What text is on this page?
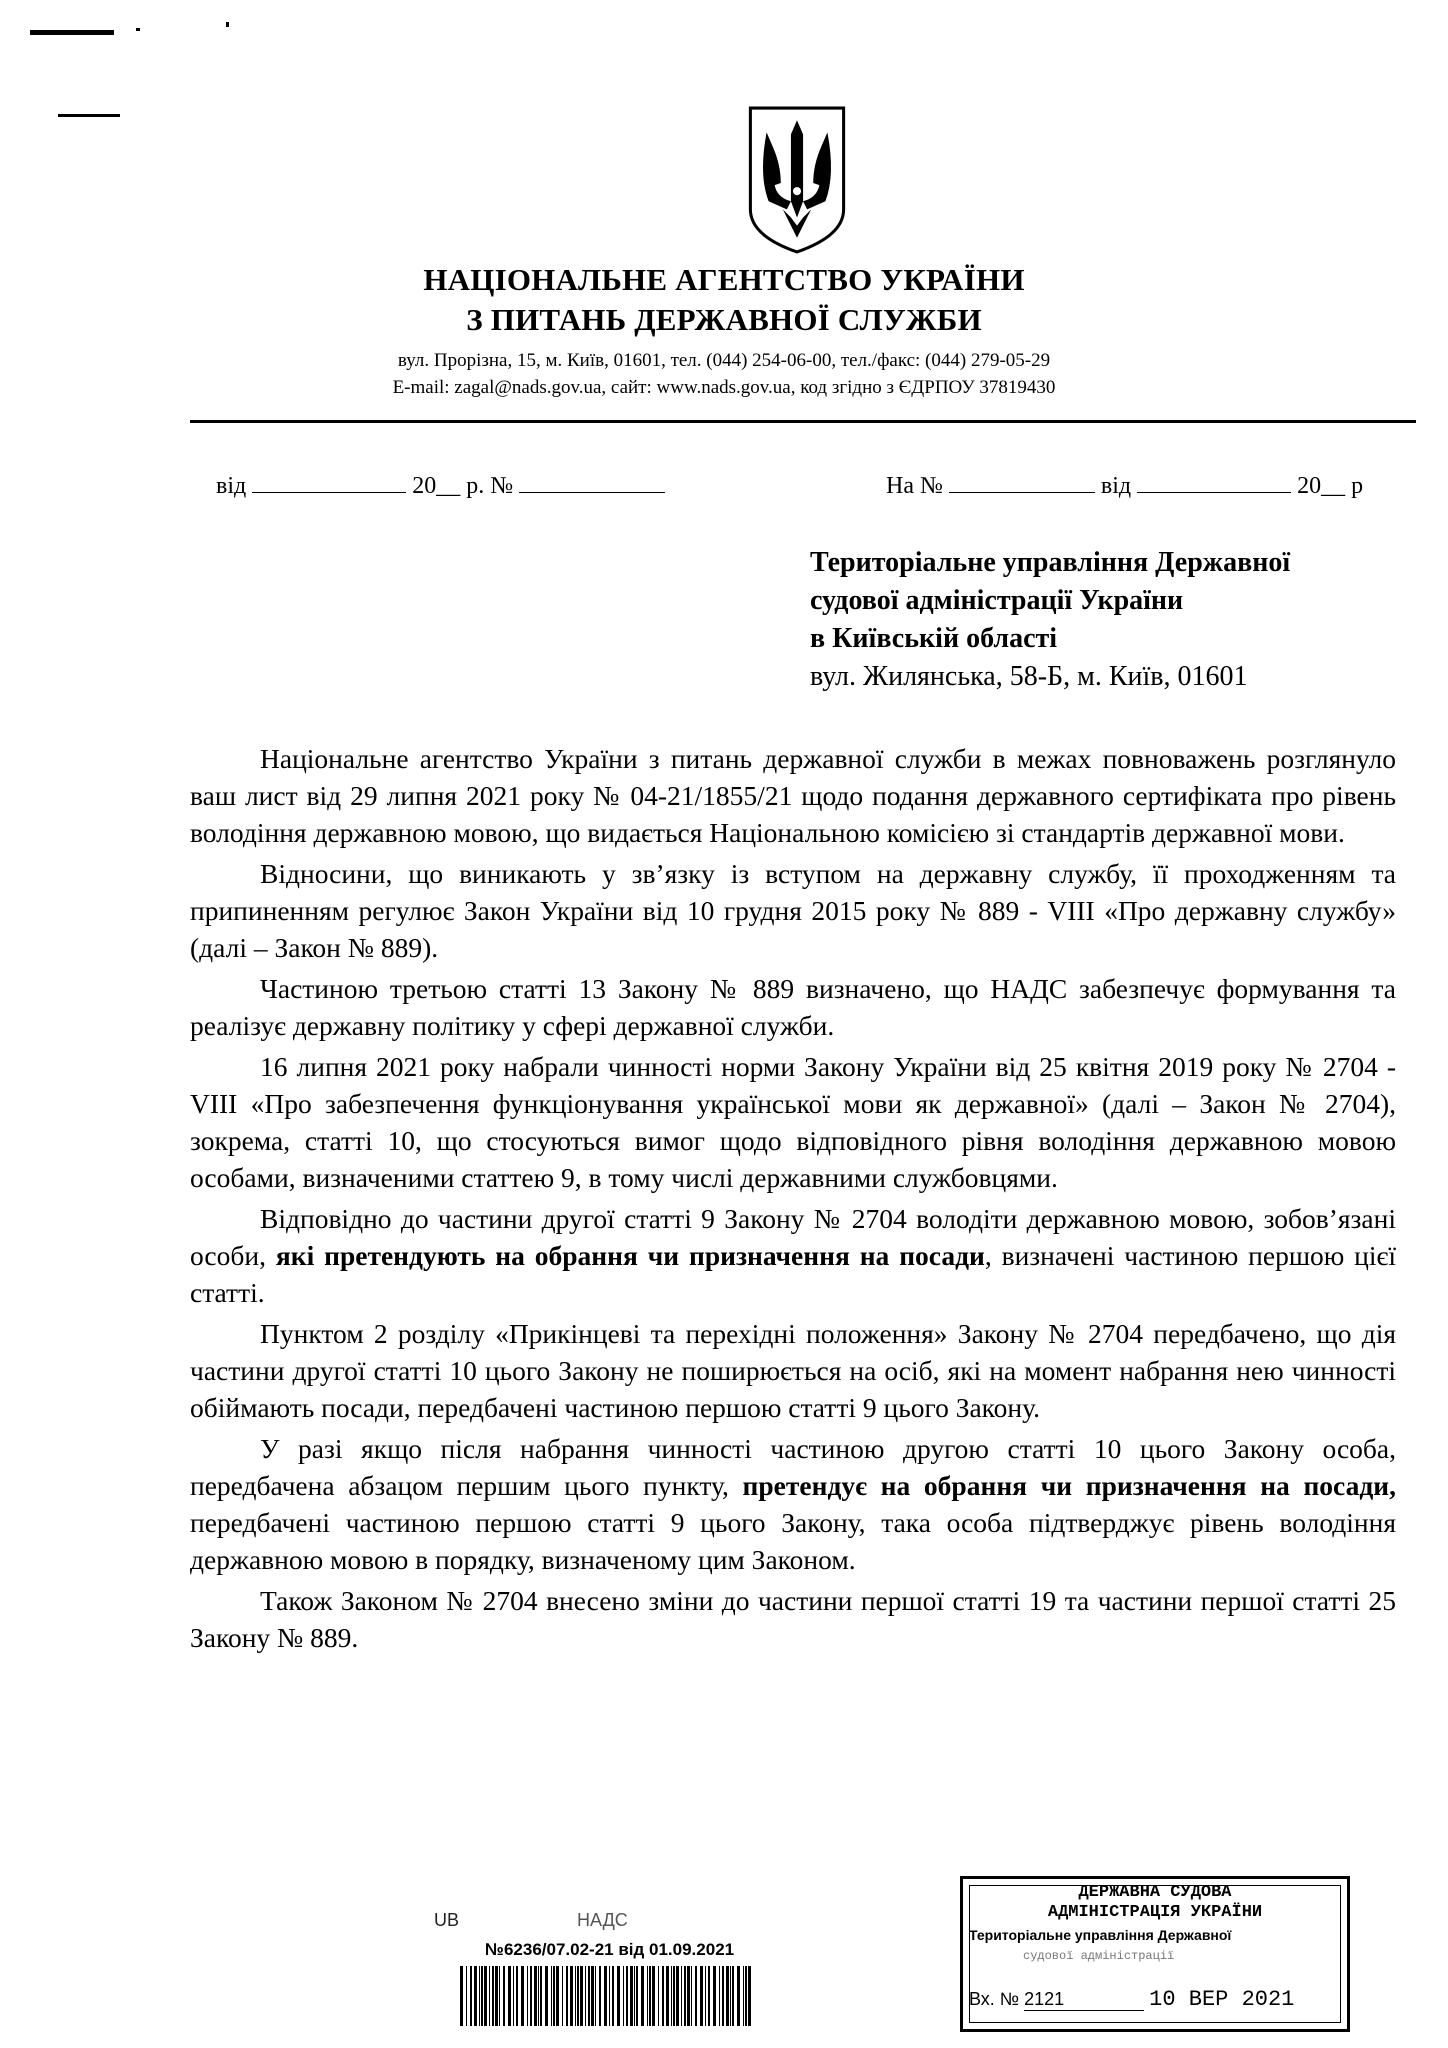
НАЦІОНАЛЬНЕ АГЕНТСТВО УКРАЇНИ
З ПИТАНЬ ДЕРЖАВНОЇ СЛУЖБИ
вул. Прорізна, 15, м. Київ, 01601, тел. (044) 254-06-00, тел./факс: (044) 279-05-29
E-mail: zagal@nads.gov.ua, сайт: www.nads.gov.ua, код згідно з ЄДРПОУ 37819430
від	20__ р. №	На №	від	20__ р
Територіальне управління Державної
судової адміністрації України
в Київській області
вул. Жилянська, 58-Б, м. Київ, 01601

Національне агентство України з питань державної служби в межах повноважень розглянуло ваш лист від 29 липня 2021 року № 04-21/1855/21 щодо подання державного сертифіката про рівень володіння державною мовою, що видається Національною комісією зі стандартів державної мови.

Відносини, що виникають у зв’язку із вступом на державну службу, її проходженням та припиненням регулює Закон України від 10 грудня 2015 року № 889 - VIII «Про державну службу» (далі – Закон № 889).

Частиною третьою статті 13 Закону № 889 визначено, що НАДС забезпечує формування та реалізує державну політику у сфері державної служби.

16 липня 2021 року набрали чинності норми Закону України від 25 квітня 2019 року № 2704 - VIII «Про забезпечення функціонування української мови як державної» (далі – Закон № 2704), зокрема, статті 10, що стосуються вимог щодо відповідного рівня володіння державною мовою особами, визначеними статтею 9, в тому числі державними службовцями.

Відповідно до частини другої статті 9 Закону № 2704 володіти державною мовою, зобов’язані особи, які претендують на обрання чи призначення на посади, визначені частиною першою цієї статті.

Пунктом 2 розділу «Прикінцеві та перехідні положення» Закону № 2704 передбачено, що дія частини другої статті 10 цього Закону не поширюється на осіб, які на момент набрання нею чинності обіймають посади, передбачені частиною першою статті 9 цього Закону.

У разі якщо після набрання чинності частиною другою статті 10 цього Закону особа, передбачена абзацом першим цього пункту, претендує на обрання чи призначення на посади, передбачені частиною першою статті 9 цього Закону, така особа підтверджує рівень володіння державною мовою в порядку, визначеному цим Законом.

Також Законом № 2704 внесено зміни до частини першої статті 19 та частини першої статті 25 Закону № 889.

UB	НАДС
№6236/07.02-21 від 01.09.2021
ДЕРЖАВНА СУДОВА
АДМІНІСТРАЦІЯ УКРАЇНИ
Територіальне управління Державної
судової адміністрації
Вх. № 2121	10 ВЕР 2021
